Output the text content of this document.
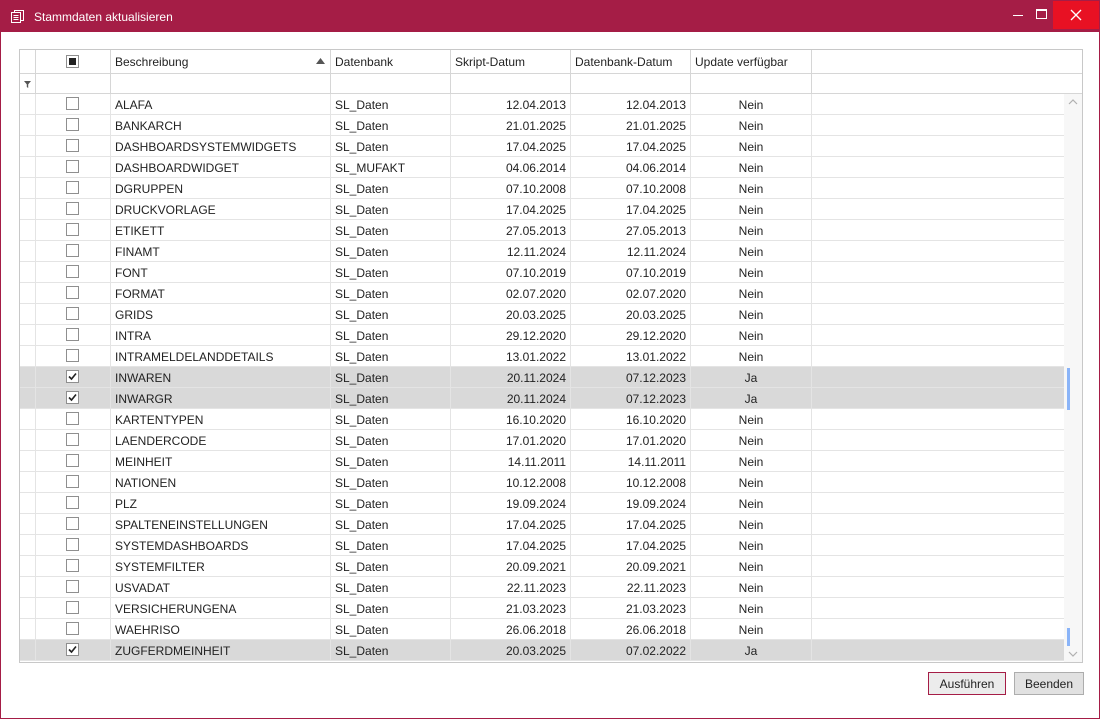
Stammdaten aktualisieren
Beschreibung	Datenbank	Skript-Datum	Datenbank-Datum	Update verfügbar
ALAFA	SL_Daten	12.04.2013	12.04.2013	Nein
BANKARCH	SL_Daten	21.01.2025	21.01.2025	Nein
DASHBOARDSYSTEMWIDGETS	SL_Daten	17.04.2025	17.04.2025	Nein
DASHBOARDWIDGET	SL_MUFAKT	04.06.2014	04.06.2014	Nein
DGRUPPEN	SL_Daten	07.10.2008	07.10.2008	Nein
DRUCKVORLAGE	SL_Daten	17.04.2025	17.04.2025	Nein
ETIKETT	SL_Daten	27.05.2013	27.05.2013	Nein
FINAMT	SL_Daten	12.11.2024	12.11.2024	Nein
FONT	SL_Daten	07.10.2019	07.10.2019	Nein
FORMAT	SL_Daten	02.07.2020	02.07.2020	Nein
GRIDS	SL_Daten	20.03.2025	20.03.2025	Nein
INTRA	SL_Daten	29.12.2020	29.12.2020	Nein
INTRAMELDELANDDETAILS	SL_Daten	13.01.2022	13.01.2022	Nein
INWAREN	SL_Daten	20.11.2024	07.12.2023	Ja
INWARGR	SL_Daten	20.11.2024	07.12.2023	Ja
KARTENTYPEN	SL_Daten	16.10.2020	16.10.2020	Nein
LAENDERCODE	SL_Daten	17.01.2020	17.01.2020	Nein
MEINHEIT	SL_Daten	14.11.2011	14.11.2011	Nein
NATIONEN	SL_Daten	10.12.2008	10.12.2008	Nein
PLZ	SL_Daten	19.09.2024	19.09.2024	Nein
SPALTENEINSTELLUNGEN	SL_Daten	17.04.2025	17.04.2025	Nein
SYSTEMDASHBOARDS	SL_Daten	17.04.2025	17.04.2025	Nein
SYSTEMFILTER	SL_Daten	20.09.2021	20.09.2021	Nein
USVADAT	SL_Daten	22.11.2023	22.11.2023	Nein
VERSICHERUNGENA	SL_Daten	21.03.2023	21.03.2023	Nein
WAEHRISO	SL_Daten	26.06.2018	26.06.2018	Nein
ZUGFERDMEINHEIT	SL_Daten	20.03.2025	07.02.2022	Ja
Ausführen	Beenden
